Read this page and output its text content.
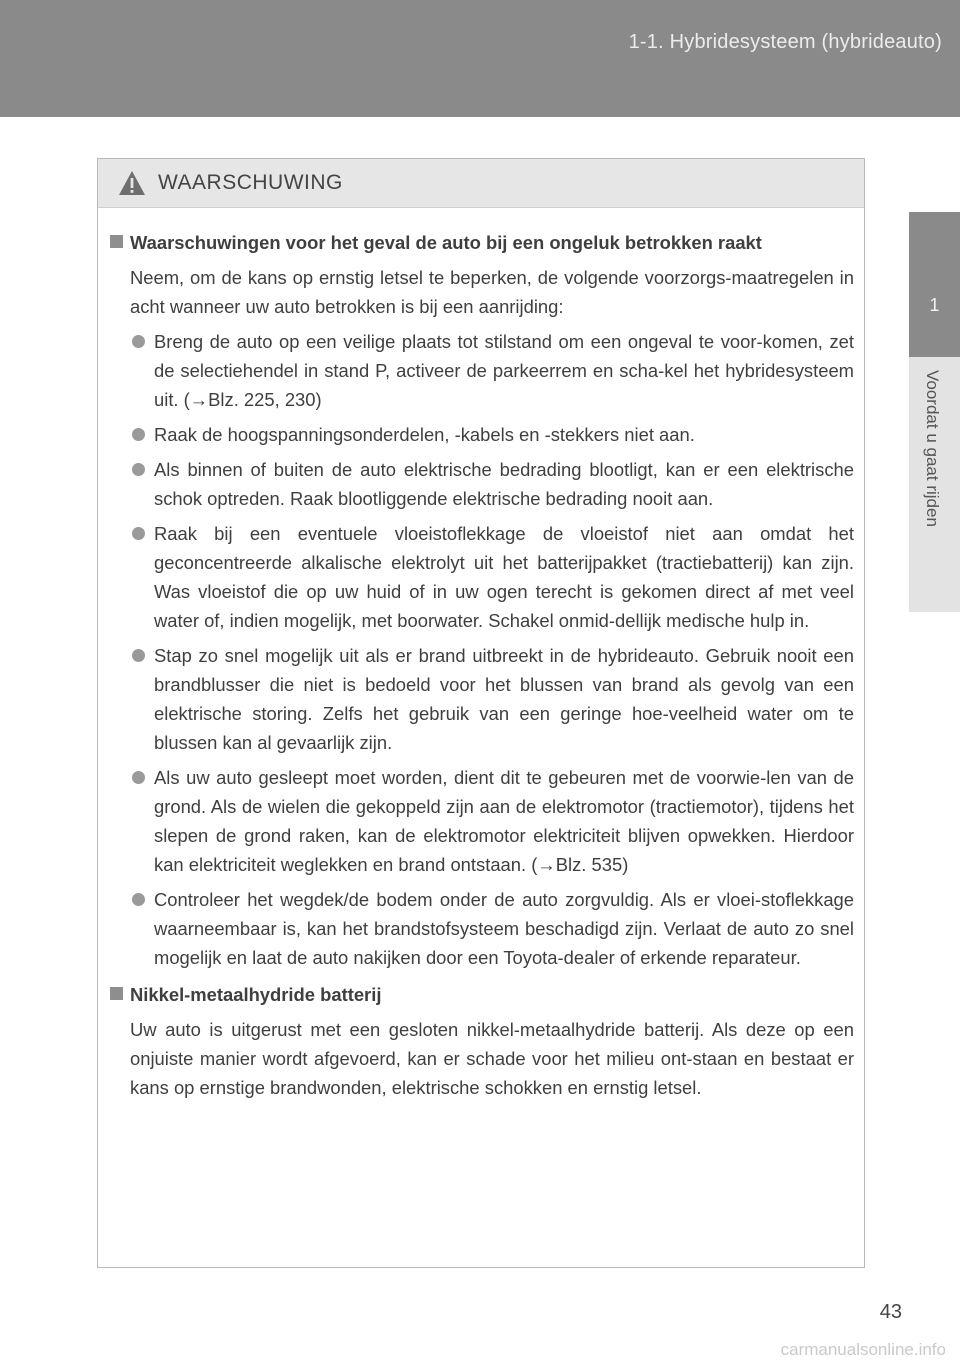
1-1. Hybridesysteem (hybrideauto)
1
Voordat u gaat rijden
WAARSCHUWING
Waarschuwingen voor het geval de auto bij een ongeluk betrokken raakt
Neem, om de kans op ernstig letsel te beperken, de volgende voorzorgs-maatregelen in acht wanneer uw auto betrokken is bij een aanrijding:
Breng de auto op een veilige plaats tot stilstand om een ongeval te voor-komen, zet de selectiehendel in stand P, activeer de parkeerrem en scha-kel het hybridesysteem uit. (→Blz. 225, 230)
Raak de hoogspanningsonderdelen, -kabels en -stekkers niet aan.
Als binnen of buiten de auto elektrische bedrading blootligt, kan er een elektrische schok optreden. Raak blootliggende elektrische bedrading nooit aan.
Raak bij een eventuele vloeistoflekkage de vloeistof niet aan omdat het geconcentreerde alkalische elektrolyt uit het batterijpakket (tractiebatterij) kan zijn. Was vloeistof die op uw huid of in uw ogen terecht is gekomen direct af met veel water of, indien mogelijk, met boorwater. Schakel onmid-dellijk medische hulp in.
Stap zo snel mogelijk uit als er brand uitbreekt in de hybrideauto. Gebruik nooit een brandblusser die niet is bedoeld voor het blussen van brand als gevolg van een elektrische storing. Zelfs het gebruik van een geringe hoe-veelheid water om te blussen kan al gevaarlijk zijn.
Als uw auto gesleept moet worden, dient dit te gebeuren met de voorwie-len van de grond. Als de wielen die gekoppeld zijn aan de elektromotor (tractiemotor), tijdens het slepen de grond raken, kan de elektromotor elektriciteit blijven opwekken. Hierdoor kan elektriciteit weglekken en brand ontstaan. (→Blz. 535)
Controleer het wegdek/de bodem onder de auto zorgvuldig. Als er vloei-stoflekkage waarneembaar is, kan het brandstofsysteem beschadigd zijn. Verlaat de auto zo snel mogelijk en laat de auto nakijken door een Toyota-dealer of erkende reparateur.
Nikkel-metaalhydride batterij
Uw auto is uitgerust met een gesloten nikkel-metaalhydride batterij. Als deze op een onjuiste manier wordt afgevoerd, kan er schade voor het milieu ont-staan en bestaat er kans op ernstige brandwonden, elektrische schokken en ernstig letsel.
43
carmanualsonline.info
